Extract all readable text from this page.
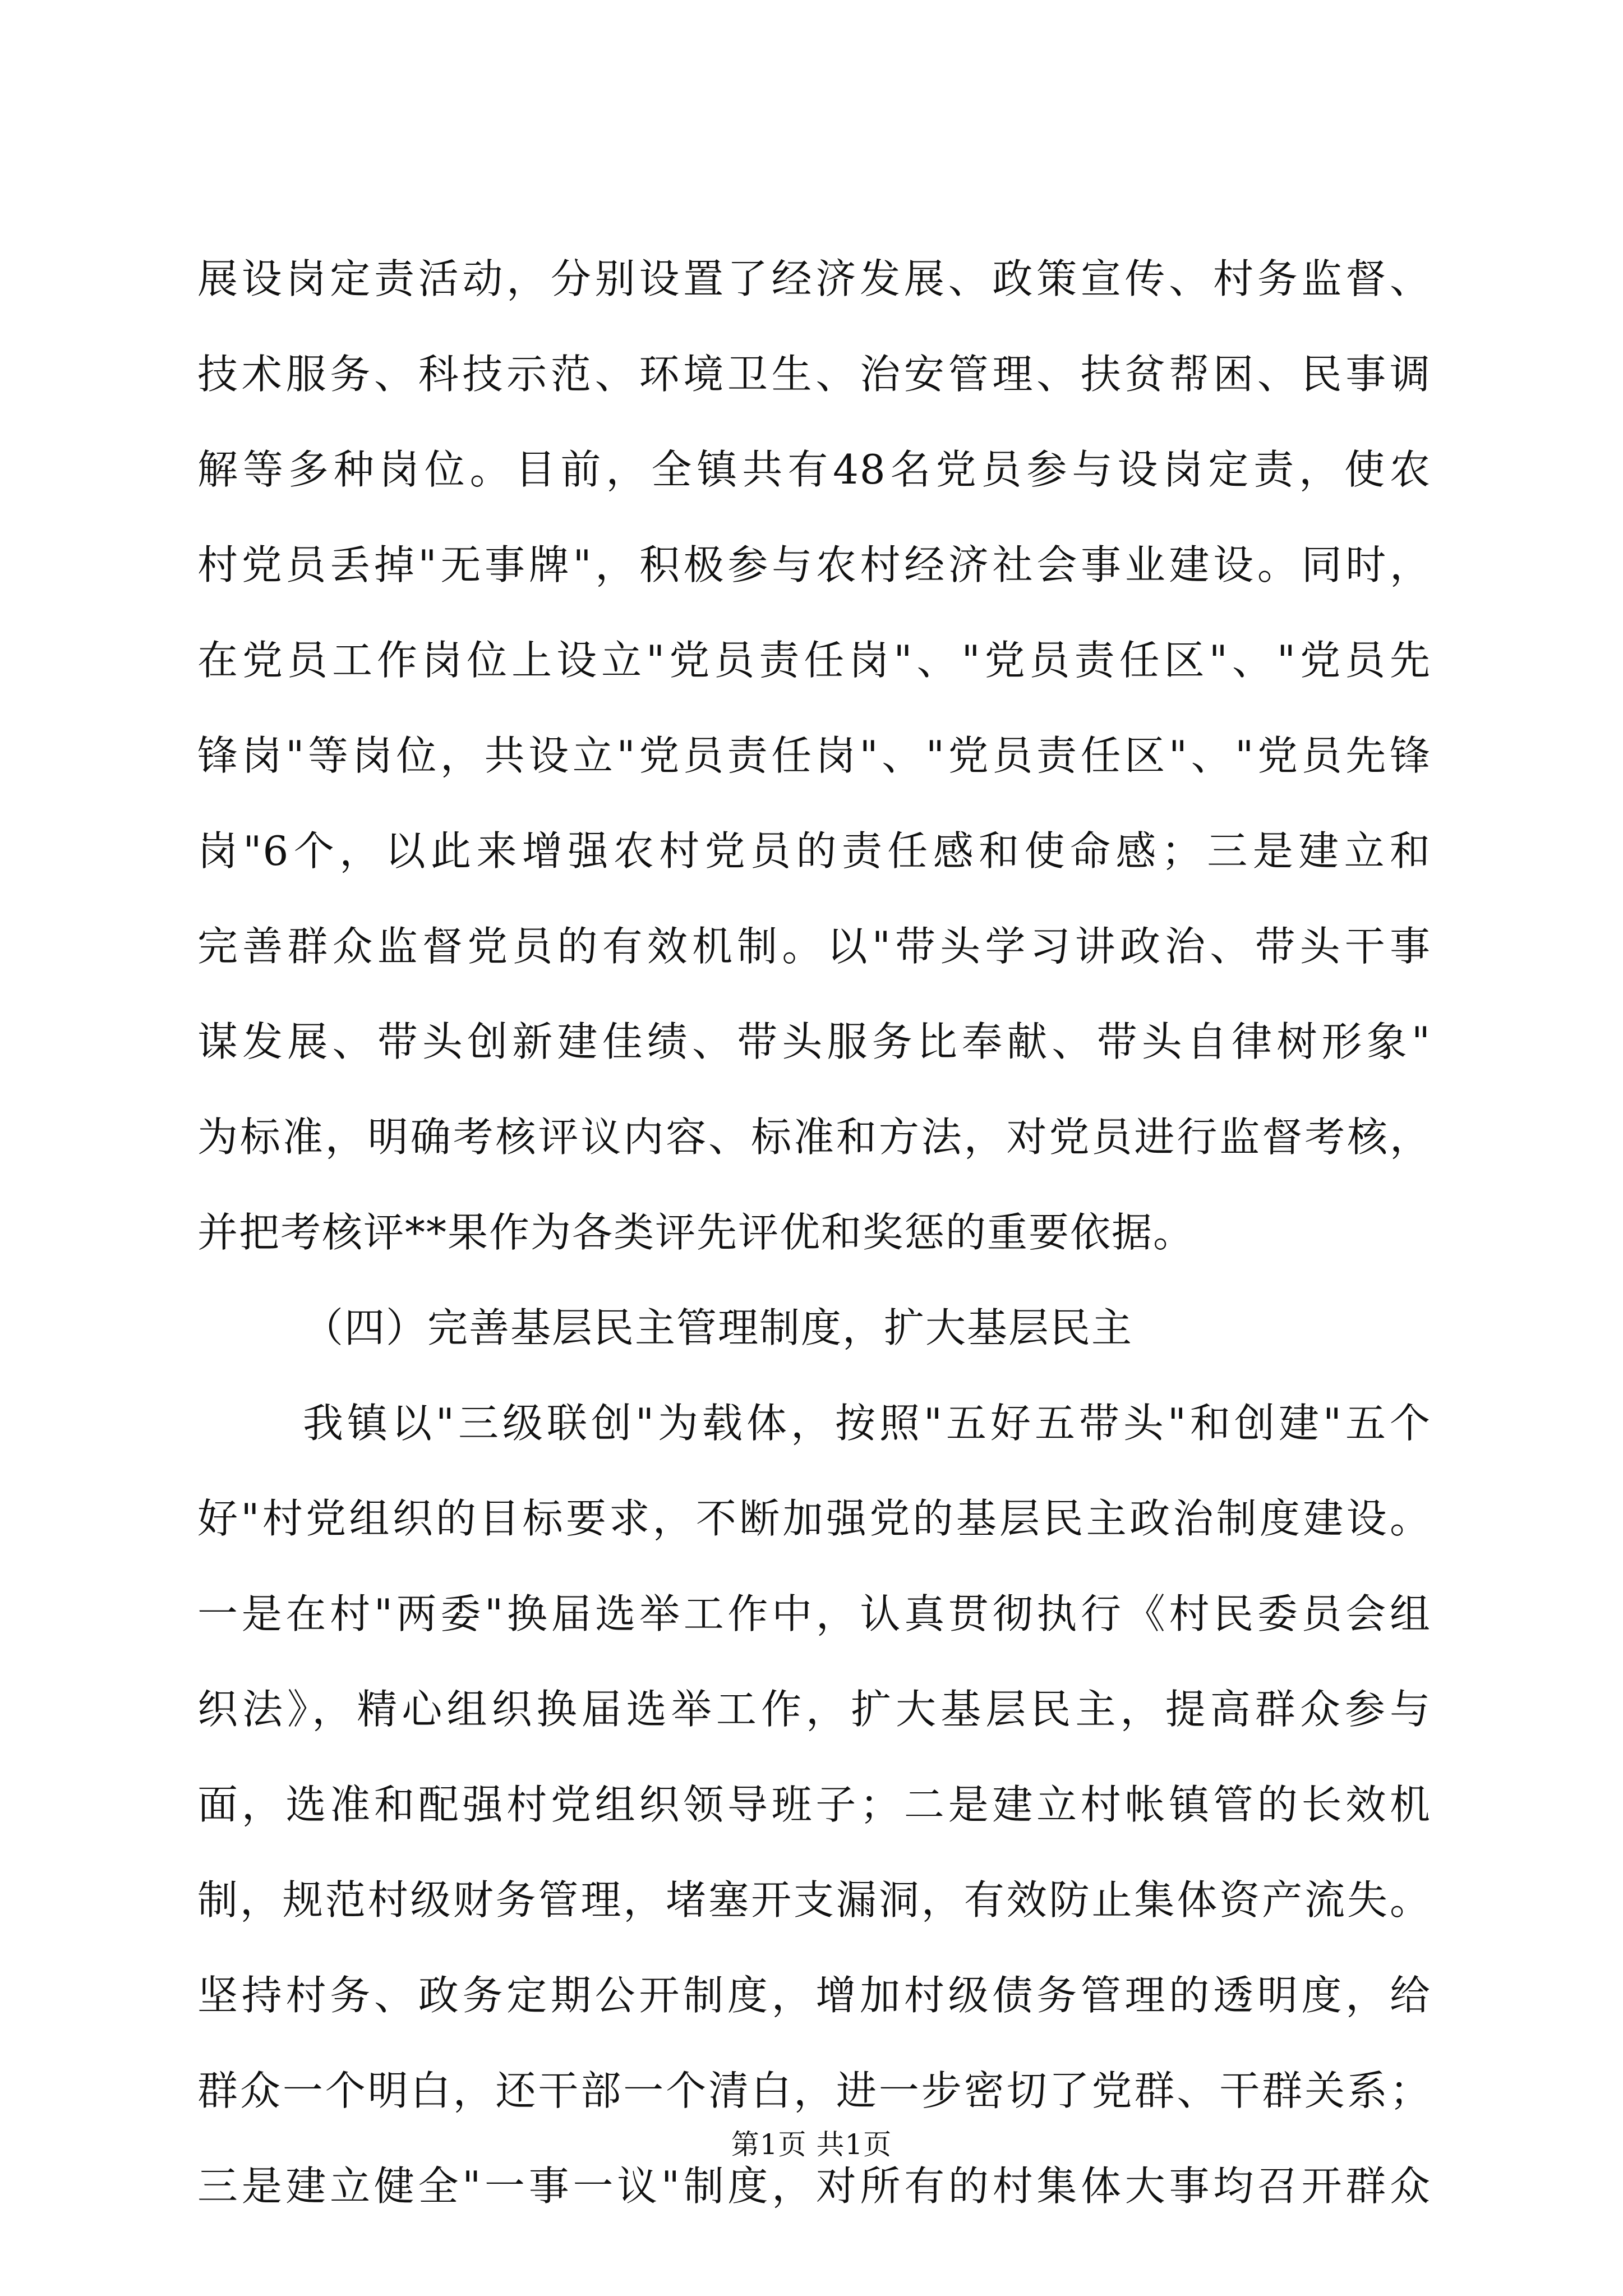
展设岗定责活动，分别设置了经济发展、政策宣传、村务监督、
技术服务、科技示范、环境卫生、治安管理、扶贫帮困、民事调
解等多种岗位。目前，全镇共有48名党员参与设岗定责，使农
村党员丢掉"无事牌"，积极参与农村经济社会事业建设。同时，
在党员工作岗位上设立"党员责任岗"、"党员责任区"、"党员先
锋岗"等岗位，共设立"党员责任岗"、"党员责任区"、"党员先锋
岗"6个，以此来增强农村党员的责任感和使命感；三是建立和
完善群众监督党员的有效机制。以"带头学习讲政治、带头干事
谋发展、带头创新建佳绩、带头服务比奉献、带头自律树形象"
为标准，明确考核评议内容、标准和方法，对党员进行监督考核，
并把考核评**果作为各类评先评优和奖惩的重要依据。
（四）完善基层民主管理制度，扩大基层民主
我镇以"三级联创"为载体，按照"五好五带头"和创建"五个
好"村党组织的目标要求，不断加强党的基层民主政治制度建设。
一是在村"两委"换届选举工作中，认真贯彻执行《村民委员会组
织法》，精心组织换届选举工作，扩大基层民主，提高群众参与
面，选准和配强村党组织领导班子；二是建立村帐镇管的长效机
制，规范村级财务管理，堵塞开支漏洞，有效防止集体资产流失。
坚持村务、政务定期公开制度，增加村级债务管理的透明度，给
群众一个明白，还干部一个清白，进一步密切了党群、干群关系；
三是建立健全"一事一议"制度，对所有的村集体大事均召开群众
第1页 共1页
